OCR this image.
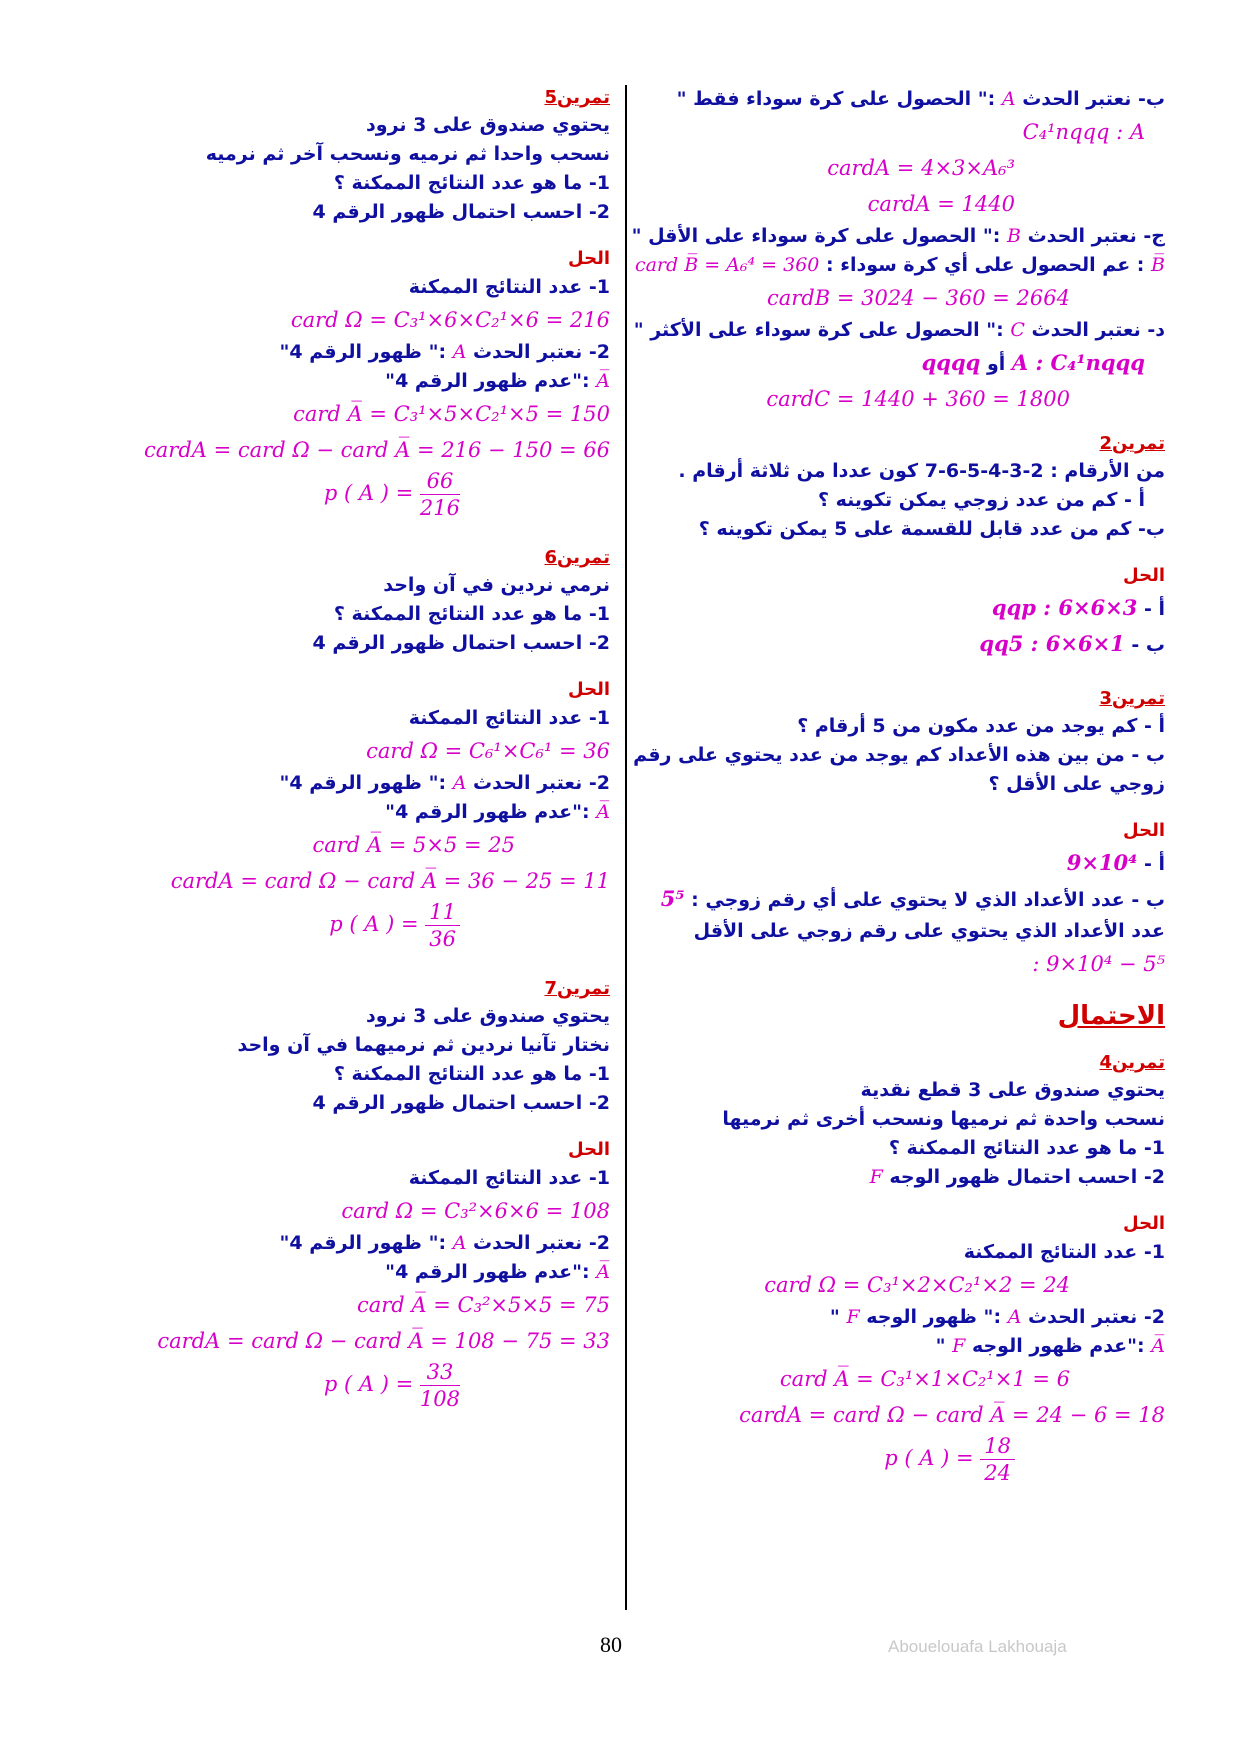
ب- نعتبر الحدث A :" الحصول على كرة سوداء فقط "
C₄¹nqqq : A
cardA = 4×3×A₆³
cardA = 1440
ج- نعتبر الحدث B :" الحصول على كرة سوداء على الأقل "
B̅ : عم الحصول على أي كرة سوداء : card B̅ = A₆⁴ = 360
cardB = 3024 − 360 = 2664
د- نعتبر الحدث C :" الحصول على كرة سوداء على الأكثر "
A : C₄¹nqqq أو qqqq
cardC = 1440 + 360 = 1800
تمرين2
من الأرقام : 2-3-4-5-6-7 كون عددا من ثلاثة أرقام .
أ - كم من عدد زوجي يمكن تكوينه ؟
ب- كم من عدد قابل للقسمة على 5 يمكن تكوينه ؟
الحل
أ - qqp : 6×6×3
ب - qq5 : 6×6×1
تمرين3
أ - كم يوجد من عدد مكون من 5 أرقام ؟
ب - من بين هذه الأعداد كم يوجد من عدد يحتوي على رقم
زوجي على الأقل ؟
الحل
أ - 9×10⁴
ب - عدد الأعداد الذي لا يحتوي على أي رقم زوجي : 5⁵
عدد الأعداد الذي يحتوي على رقم زوجي على الأقل
: 9×10⁴ − 5⁵
الاحتمال
تمرين4
يحتوي صندوق على 3 قطع نقدية
نسحب واحدة ثم نرميها ونسحب أخرى ثم نرميها
1- ما هو عدد النتائج الممكنة ؟
2- احسب احتمال ظهور الوجه F
الحل
1- عدد النتائج الممكنة
card Ω = C₃¹×2×C₂¹×2 = 24
2- نعتبر الحدث A :" ظهور الوجه F "
A̅ :"عدم ظهور الوجه F "
card A̅ = C₃¹×1×C₂¹×1 = 6
cardA = card Ω − card A̅ = 24 − 6 = 18
p ( A ) = $\frac{18}{24}$
تمرين5
يحتوي صندوق على 3 نرود
نسحب واحدا ثم نرميه ونسحب آخر ثم نرميه
1- ما هو عدد النتائج الممكنة ؟
2- احسب احتمال ظهور الرقم 4
الحل
1- عدد النتائج الممكنة
card Ω = C₃¹×6×C₂¹×6 = 216
2- نعتبر الحدث A :" ظهور الرقم 4"
A̅ :"عدم ظهور الرقم 4"
card A̅ = C₃¹×5×C₂¹×5 = 150
cardA = card Ω − card A̅ = 216 − 150 = 66
p ( A ) = $\frac{66}{216}$
تمرين6
نرمي نردين في آن واحد
1- ما هو عدد النتائج الممكنة ؟
2- احسب احتمال ظهور الرقم 4
الحل
1- عدد النتائج الممكنة
card Ω = C₆¹×C₆¹ = 36
2- نعتبر الحدث A :" ظهور الرقم 4"
A̅ :"عدم ظهور الرقم 4"
card A̅ = 5×5 = 25
cardA = card Ω − card A̅ = 36 − 25 = 11
p ( A ) = $\frac{11}{36}$
تمرين7
يحتوي صندوق على 3 نرود
نختار تآنيا نردين ثم نرميهما في آن واحد
1- ما هو عدد النتائج الممكنة ؟
2- احسب احتمال ظهور الرقم 4
الحل
1- عدد النتائج الممكنة
card Ω = C₃²×6×6 = 108
2- نعتبر الحدث A :" ظهور الرقم 4"
A̅ :"عدم ظهور الرقم 4"
card A̅ = C₃²×5×5 = 75
cardA = card Ω − card A̅ = 108 − 75 = 33
p ( A ) = $\frac{33}{108}$
80	Abouelouafa Lakhouaja
